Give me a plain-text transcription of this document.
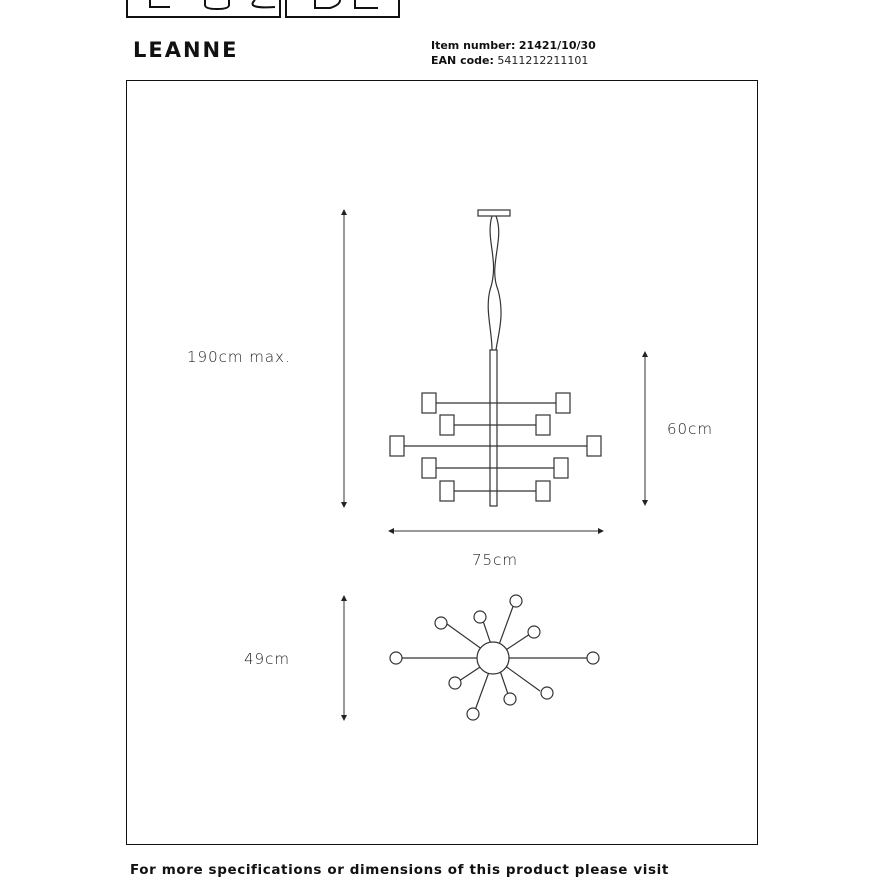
LEANNE	Item number: 21421/10/30
EAN code: 5411212211101
190cm max.
60cm
75cm
49cm
For more specifications or dimensions of this product please visit
